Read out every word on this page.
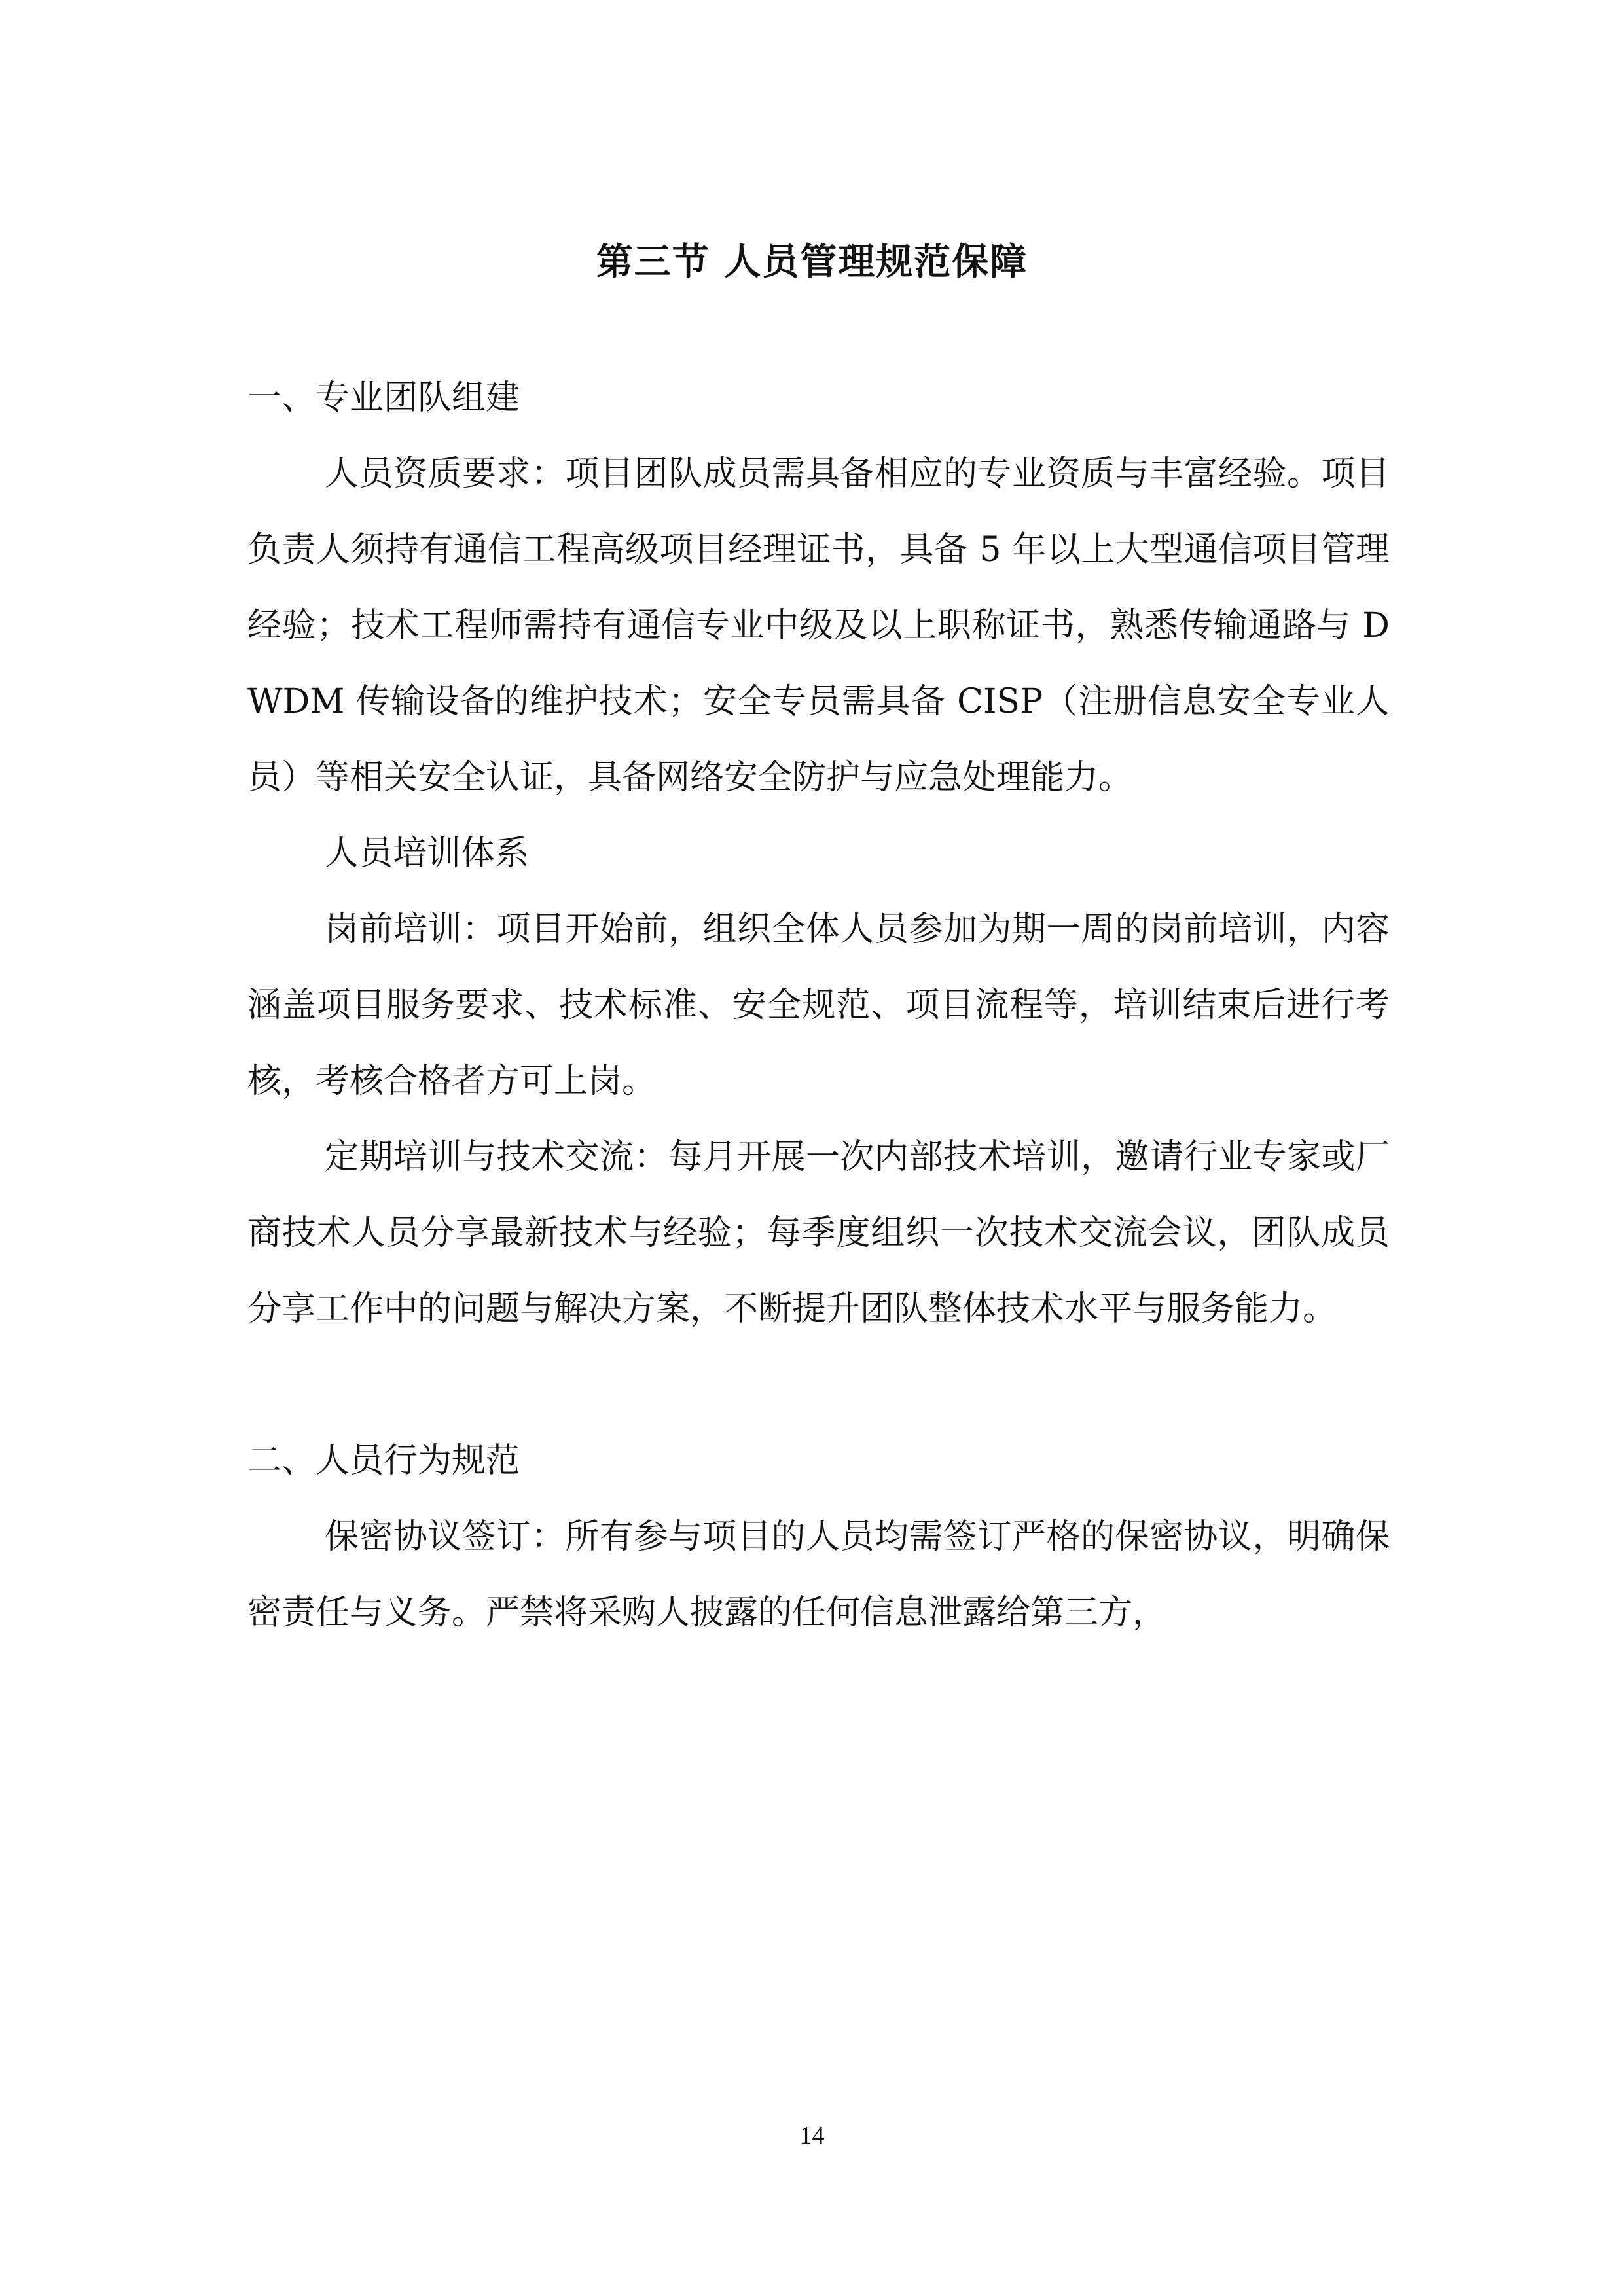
第三节 人员管理规范保障

一、专业团队组建

人员资质要求：项目团队成员需具备相应的专业资质与丰富经验。项目负责人须持有通信工程高级项目经理证书，具备 5 年以上大型通信项目管理经验；技术工程师需持有通信专业中级及以上职称证书，熟悉传输通路与 DWDM 传输设备的维护技术；安全专员需具备 CISP（注册信息安全专业人员）等相关安全认证，具备网络安全防护与应急处理能力。

人员培训体系

岗前培训：项目开始前，组织全体人员参加为期一周的岗前培训，内容涵盖项目服务要求、技术标准、安全规范、项目流程等，培训结束后进行考核，考核合格者方可上岗。

定期培训与技术交流：每月开展一次内部技术培训，邀请行业专家或厂商技术人员分享最新技术与经验；每季度组织一次技术交流会议，团队成员分享工作中的问题与解决方案，不断提升团队整体技术水平与服务能力。

二、人员行为规范

保密协议签订：所有参与项目的人员均需签订严格的保密协议，明确保密责任与义务。严禁将采购人披露的任何信息泄露给第三方，

14
